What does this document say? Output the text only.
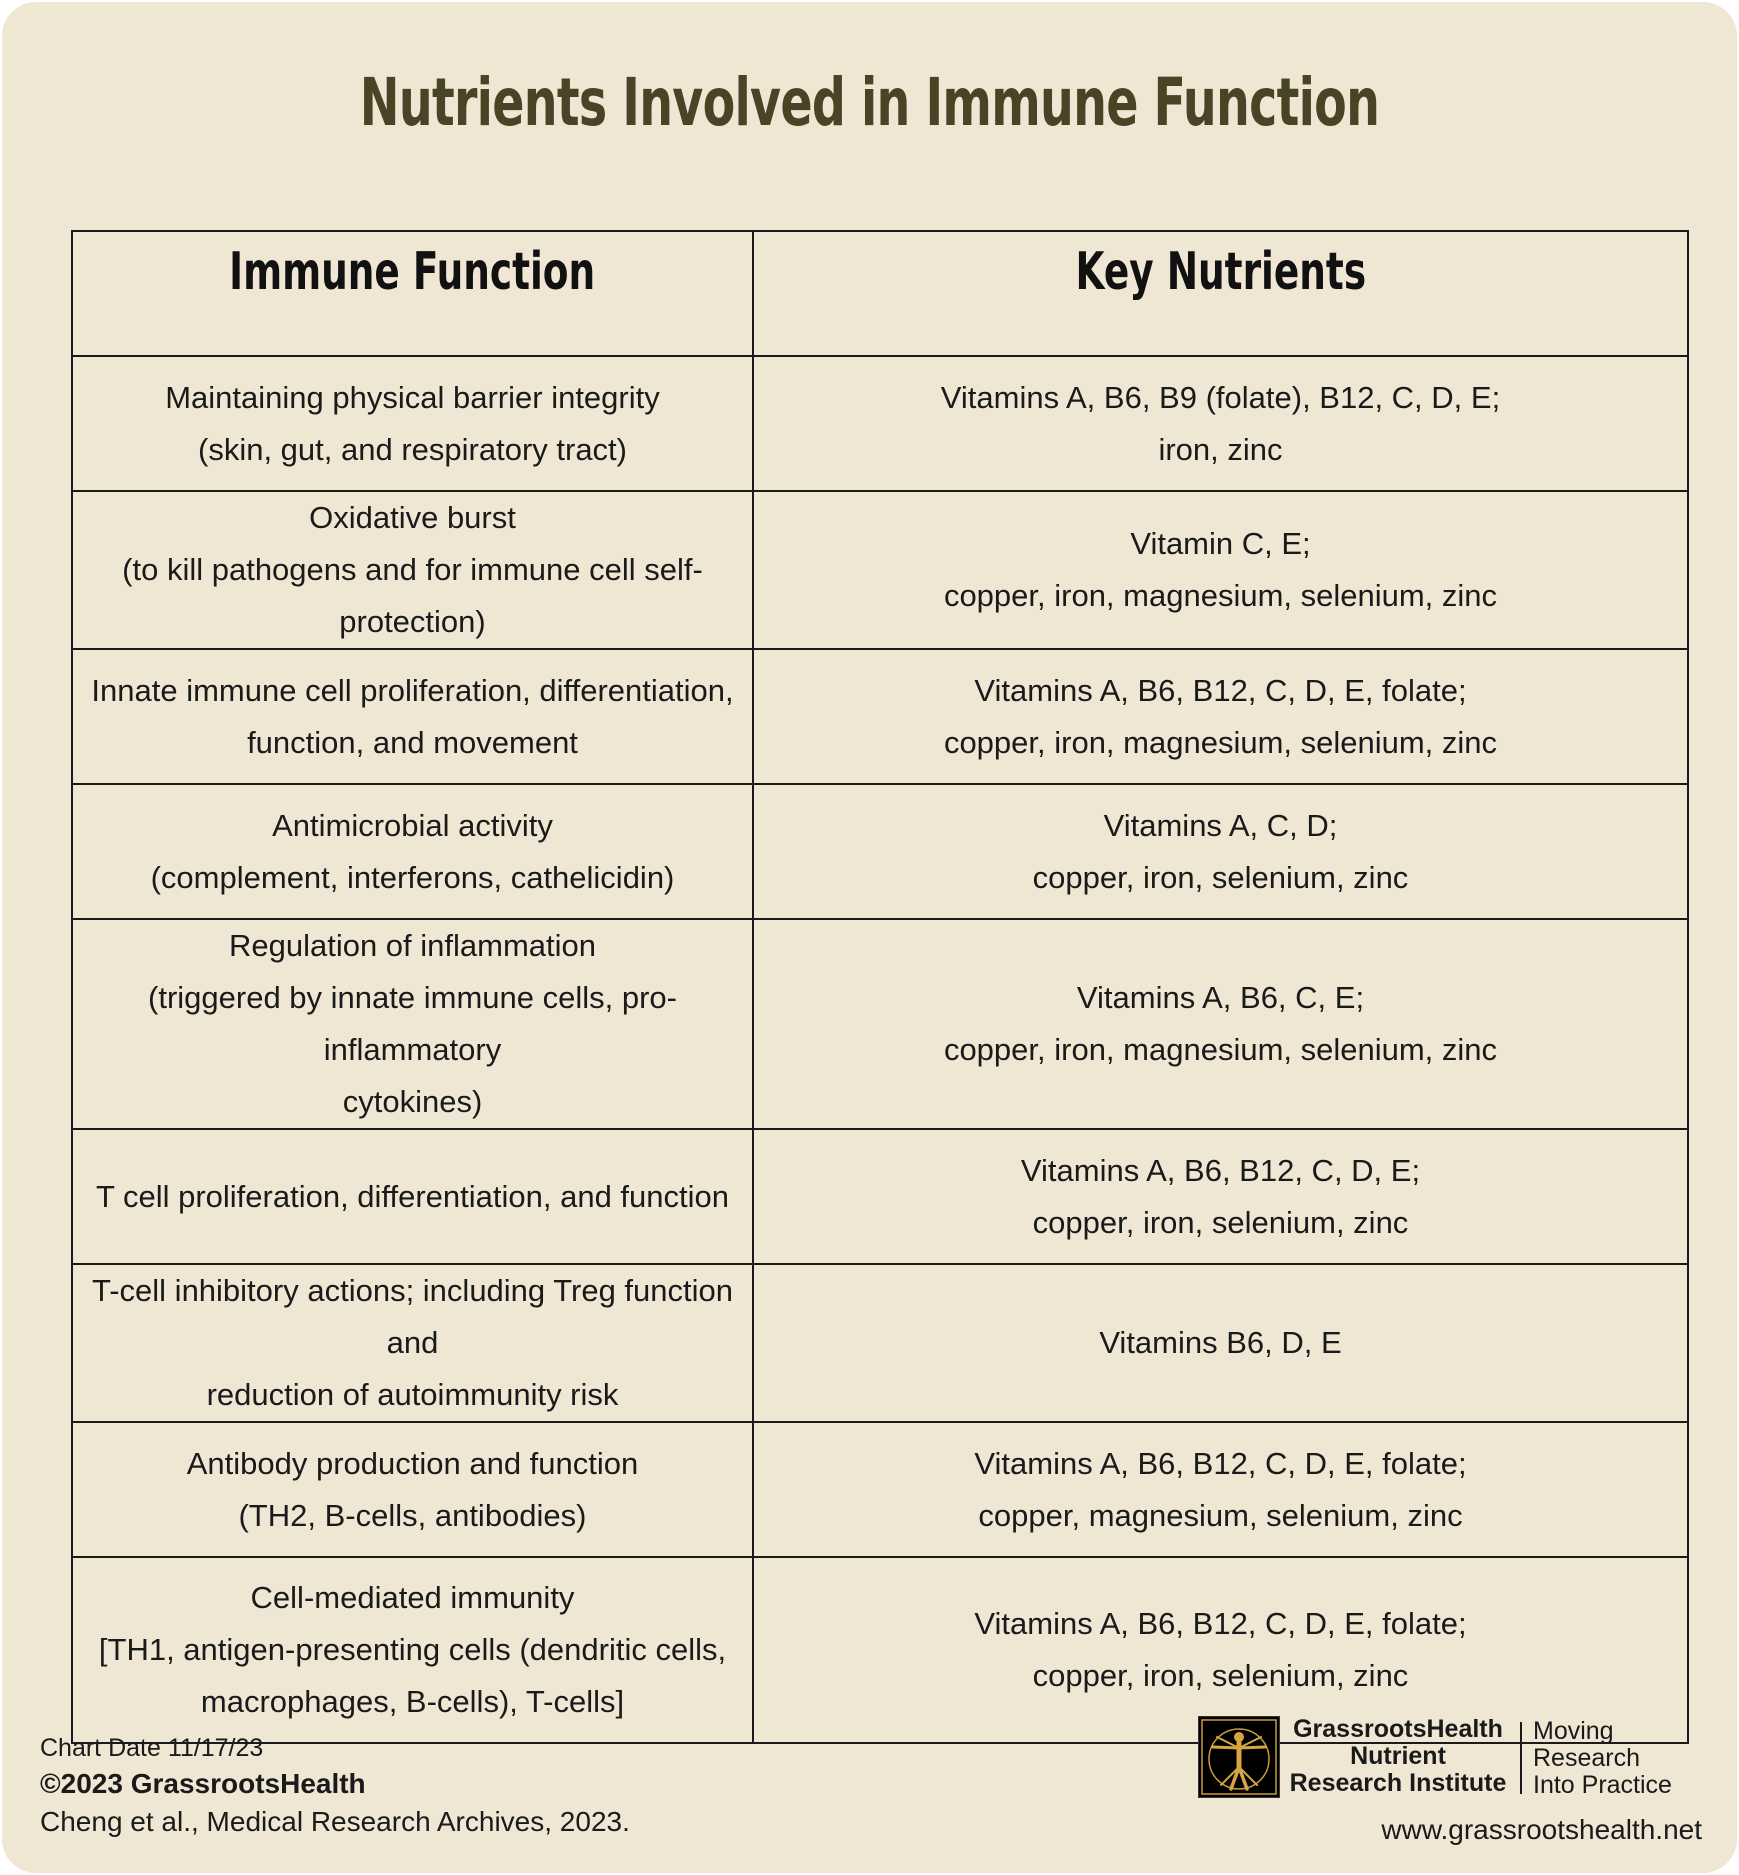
Nutrients Involved in Immune Function
Immune Function	Key Nutrients

Maintaining physical barrier integrity
(skin, gut, and respiratory tract)	Vitamins A, B6, B9 (folate), B12, C, D, E;
iron, zinc

Oxidative burst
(to kill pathogens and for immune cell self-protection)	Vitamin C, E;
copper, iron, magnesium, selenium, zinc

Innate immune cell proliferation, differentiation,
function, and movement	Vitamins A, B6, B12, C, D, E, folate;
copper, iron, magnesium, selenium, zinc

Antimicrobial activity
(complement, interferons, cathelicidin)	Vitamins A, C, D;
copper, iron, selenium, zinc

Regulation of inflammation
(triggered by innate immune cells, pro-inflammatory
cytokines)	Vitamins A, B6, C, E;
copper, iron, magnesium, selenium, zinc

T cell proliferation, differentiation, and function	Vitamins A, B6, B12, C, D, E;
copper, iron, selenium, zinc

T-cell inhibitory actions; including Treg function and
reduction of autoimmunity risk	Vitamins B6, D, E

Antibody production and function
(TH2, B-cells, antibodies)	Vitamins A, B6, B12, C, D, E, folate;
copper, magnesium, selenium, zinc

Cell-mediated immunity
[TH1, antigen-presenting cells (dendritic cells,
macrophages, B-cells), T-cells]	Vitamins A, B6, B12, C, D, E, folate;
copper, iron, selenium, zinc
Chart Date 11/17/23
©2023 GrassrootsHealth
Cheng et al., Medical Research Archives, 2023.
GrassrootsHealth
Nutrient
Research Institute
Moving
Research
Into Practice
www.grassrootshealth.net
